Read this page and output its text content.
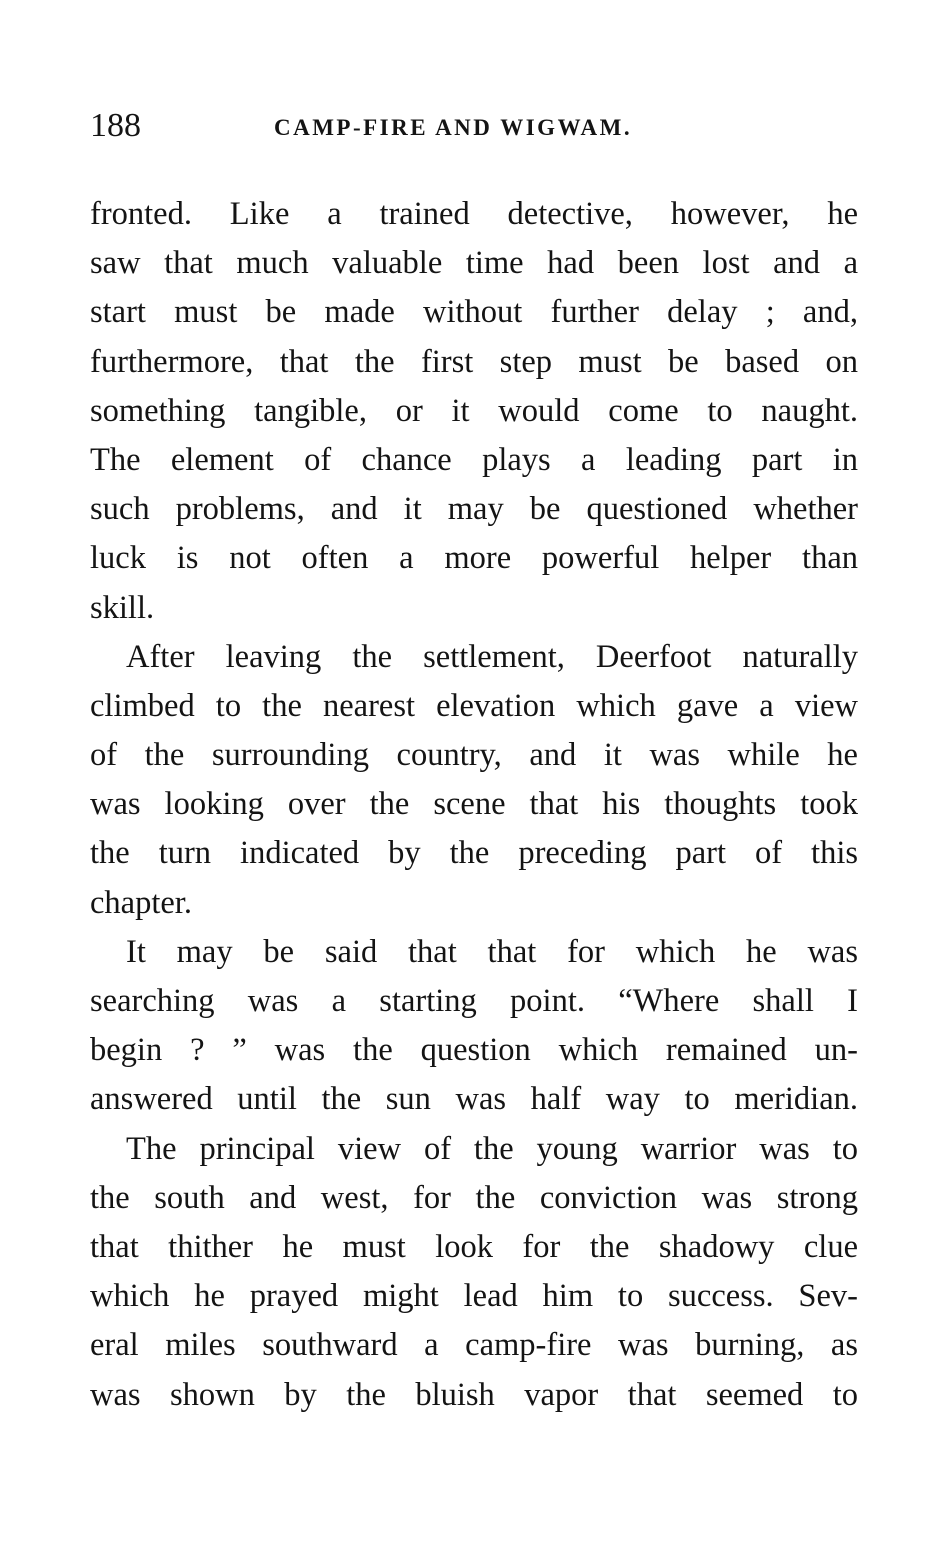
188	CAMP-FIRE AND WIGWAM.
fronted. Like a trained detective, however, he
saw that much valuable time had been lost and a
start must be made without further delay ; and,
furthermore, that the first step must be based on
something tangible, or it would come to naught.
The element of chance plays a leading part in
such problems, and it may be questioned whether
luck is not often a more powerful helper than
skill.
After leaving the settlement, Deerfoot naturally
climbed to the nearest elevation which gave a view
of the surrounding country, and it was while he
was looking over the scene that his thoughts took
the turn indicated by the preceding part of this
chapter.
It may be said that that for which he was
searching was a starting point. “Where shall I
begin ? ” was the question which remained un-
answered until the sun was half way to meridian.
The principal view of the young warrior was to
the south and west, for the conviction was strong
that thither he must look for the shadowy clue
which he prayed might lead him to success. Sev-
eral miles southward a camp-fire was burning, as
was shown by the bluish vapor that seemed to
